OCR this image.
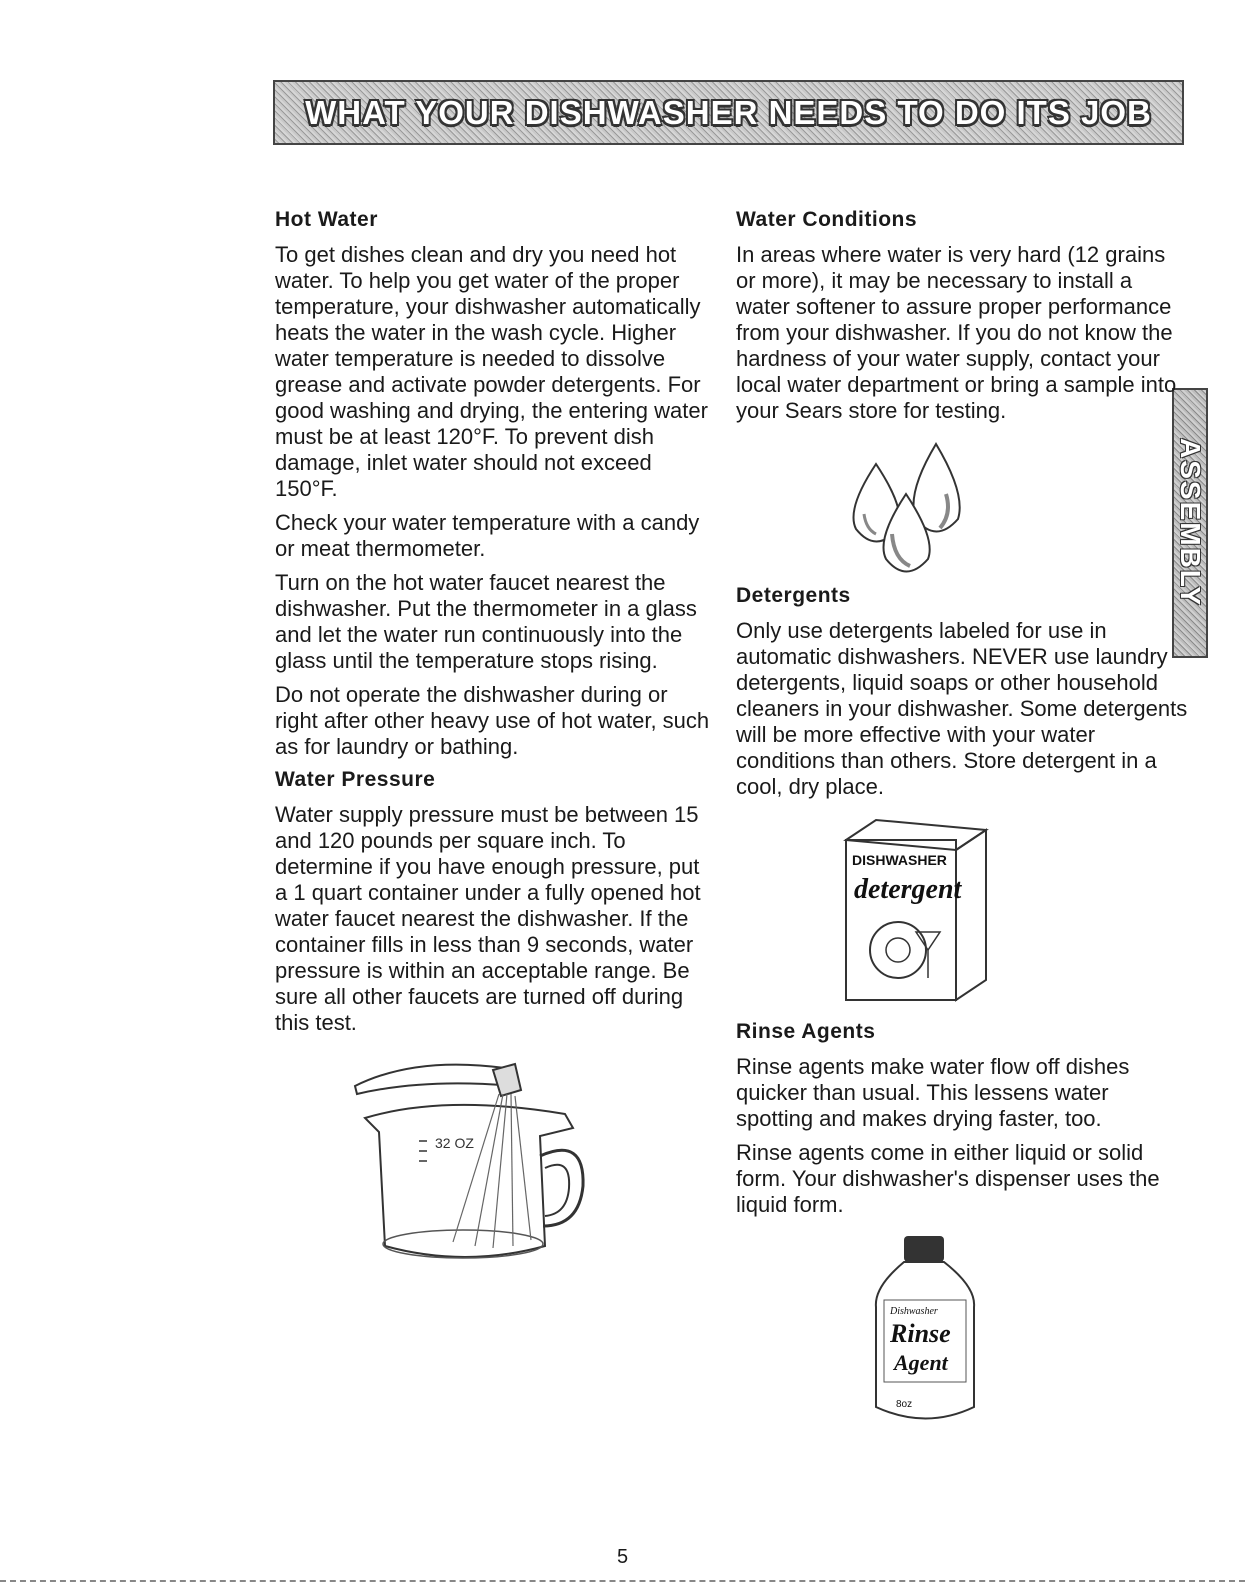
WHAT YOUR DISHWASHER NEEDS TO DO ITS JOB
ASSEMBLY
Hot Water

To get dishes clean and dry you need hot water. To help you get water of the proper temperature, your dishwasher automatically heats the water in the wash cycle. Higher water temperature is needed to dissolve grease and activate powder detergents. For good washing and drying, the entering water must be at least 120°F. To prevent dish damage, inlet water should not exceed 150°F.

Check your water temperature with a candy or meat thermometer.

Turn on the hot water faucet nearest the dishwasher. Put the thermometer in a glass and let the water run continuously into the glass until the temperature stops rising.

Do not operate the dishwasher during or right after other heavy use of hot water, such as for laundry or bathing.

Water Pressure

Water supply pressure must be between 15 and 120 pounds per square inch. To determine if you have enough pressure, put a 1 quart container under a fully opened hot water faucet nearest the dishwasher. If the container fills in less than 9 seconds, water pressure is within an acceptable range. Be sure all other faucets are turned off during this test.

32 OZ
Water Conditions

In areas where water is very hard (12 grains or more), it may be necessary to install a water softener to assure proper performance from your dishwasher. If you do not know the hardness of your water supply, contact your local water department or bring a sample into your Sears store for testing.

Detergents

Only use detergents labeled for use in automatic dishwashers. NEVER use laundry detergents, liquid soaps or other household cleaners in your dishwasher. Some detergents will be more effective with your water conditions than others. Store detergent in a cool, dry place.

DISHWASHER
detergent
Rinse Agents

Rinse agents make water flow off dishes quicker than usual. This lessens water spotting and makes drying faster, too.

Rinse agents come in either liquid or solid form. Your dishwasher's dispenser uses the liquid form.

Dishwasher
Rinse
Agent
8oz
5
